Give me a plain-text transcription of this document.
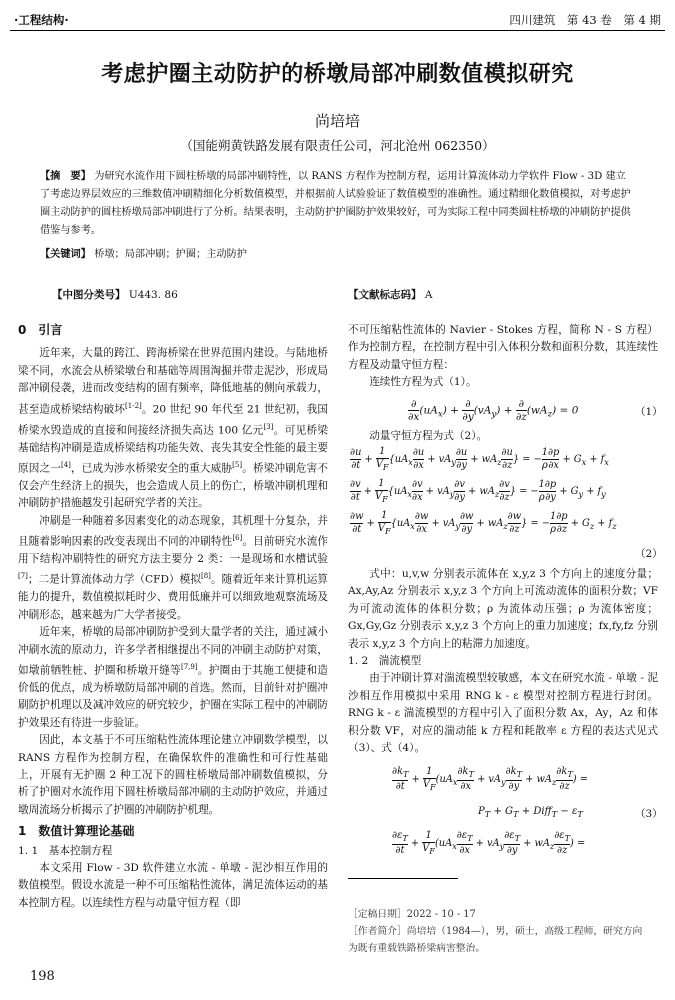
·工程结构·	四川建筑　第 43 卷　第 4 期
考虑护圈主动防护的桥墩局部冲刷数值模拟研究
尚培培
（国能朔黄铁路发展有限责任公司，河北沧州 062350）
【摘　要】 为研究水流作用下圆柱桥墩的局部冲刷特性，以 RANS 方程作为控制方程，运用计算流体动力学软件 Flow - 3D 建立了考虑边界层效应的三维数值冲刷精细化分析数值模型，并根据前人试验验证了数值模型的准确性。通过精细化数值模拟，对考虑护圈主动防护的圆柱桥墩局部冲刷进行了分析。结果表明，主动防护护圈防护效果较好，可为实际工程中同类圆柱桥墩的冲刷防护提供借鉴与参考。
【关键词】 桥墩；局部冲刷；护圈；主动防护
【中图分类号】 U443. 86	【文献标志码】 A
0　引言

近年来，大量的跨江、跨海桥梁在世界范围内建设。与陆地桥梁不同，水流会从桥梁墩台和基础等周围淘掘并带走泥沙，形成局部冲刷侵袭，进而改变结构的固有频率，降低地基的侧向承载力，甚至造成桥梁结构破坏[1-2]。20 世纪 90 年代至 21 世纪初，我国桥梁水毁造成的直接和间接经济损失高达 100 亿元[3]。可见桥梁基础结构冲刷是造成桥梁结构功能失效、丧失其安全性能的最主要原因之一[4]，已成为涉水桥梁安全的重大威胁[5]。桥梁冲刷危害不仅会产生经济上的损失，也会造成人员上的伤亡，桥墩冲刷机理和冲刷防护措施越发引起研究学者的关注。

冲刷是一种随着多因素变化的动态现象，其机理十分复杂，并且随着影响因素的改变表现出不同的冲刷特性[6]。目前研究水流作用下结构冲刷特性的研究方法主要分 2 类：一是现场和水槽试验[7]；二是计算流体动力学（CFD）模拟[8]。随着近年来计算机运算能力的提升，数值模拟耗时少、费用低廉并可以细致地观察流场及冲刷形态，越来越为广大学者接受。

近年来，桥墩的局部冲刷防护受到大量学者的关注，通过减小冲刷水流的原动力，许多学者相继提出不同的冲刷主动防护对策，如墩前牺牲桩、护圈和桥墩开缝等[7,9]。护圈由于其施工便捷和造价低的优点，成为桥墩防局部冲刷的首选。然而，目前针对护圈冲刷防护机理以及减冲效应的研究较少，护圈在实际工程中的冲刷防护效果还有待进一步验证。

因此，本文基于不可压缩粘性流体理论建立冲刷数学模型，以 RANS 方程作为控制方程，在确保软件的准确性和可行性基础上，开展有无护圈 2 种工况下的圆柱桥墩局部冲刷数值模拟，分析了护圈对水流作用下圆柱桥墩局部冲刷的主动防护效应，并通过墩周流场分析揭示了护圈的冲刷防护机理。

1　数值计算理论基础
1. 1　基本控制方程

本文采用 Flow - 3D 软件建立水流 - 单墩 - 泥沙相互作用的数值模型。假设水流是一种不可压缩粘性流体，满足流体运动的基本控制方程。以连续性方程与动量守恒方程（即

不可压缩粘性流体的 Navier - Stokes 方程，简称 N - S 方程）作为控制方程，在控制方程中引入体积分数和面积分数，其连续性方程及动量守恒方程：

连续性方程为式（1）。

$\frac{\partial}{\partial x} (uA_x) + \frac{\partial}{\partial y} (vA_y) + \frac{\partial}{\partial z} (wA_z) = 0$	（1）

动量守恒方程为式（2）。

$\frac{\partial u}{\partial t} + \frac{1}{V_F} \{uA_x \frac{\partial u}{\partial x} + vA_y \frac{\partial u}{\partial y} + wA_z \frac{\partial u}{\partial z}$ } = − $\frac{1}{\rho} \frac{\partial p}{\partial x} + G_x + f_x$
$\frac{\partial v}{\partial t} + \frac{1}{V_F} \{uA_x \frac{\partial v}{\partial x} + vA_y \frac{\partial v}{\partial y} + wA_z \frac{\partial v}{\partial z}$ } = − $\frac{1}{\rho} \frac{\partial p}{\partial y} + G_y + f_y$
$\frac{\partial w}{\partial t} + \frac{1}{V_F} \{uA_x \frac{\partial w}{\partial x} + vA_y \frac{\partial w}{\partial y} + wA_z \frac{\partial w}{\partial z}$ } = − $\frac{1}{\rho} \frac{\partial p}{\partial z} + G_z + f_z$
（2）

式中：u,v,w 分别表示流体在 x,y,z 3 个方向上的速度分量；Ax,Ay,Az 分别表示 x,y,z 3 个方向上可流动流体的面积分数；VF 为可流动流体的体积分数；ρ 为流体动压强；ρ 为流体密度；Gx,Gy,Gz 分别表示 x,y,z 3 个方向上的重力加速度；fx,fy,fz 分别表示 x,y,z 3 个方向上的粘滞力加速度。

1. 2　湍流模型

由于冲刷计算对湍流模型较敏感，本文在研究水流 - 单墩 - 泥沙相互作用模拟中采用 RNG k - ε 模型对控制方程进行封闭。RNG k - ε 湍流模型的方程中引入了面积分数 Ax，Ay，Az 和体积分数 VF，对应的湍动能 k 方程和耗散率 ε 方程的表达式见式（3）、式（4）。

$\frac{\partial k_T}{\partial t} + \frac{1}{V_F} (uA_x \frac{\partial k_T}{\partial x} + vA_y \frac{\partial k_T}{\partial y} + wA_z \frac{\partial k_T}{\partial z}$ ) =
$P_T + G_T$ + Diff$_T$ − $\varepsilon_T$	（3）
$\frac{\partial\varepsilon_T}{\partial t} + \frac{1}{V_F} (uA_x \frac{\partial\varepsilon_T}{\partial x} + vA_y \frac{\partial\varepsilon_T}{\partial y} + wA_z \frac{\partial\varepsilon_T}{\partial z}$ ) =
［定稿日期］2022 - 10 - 17
［作者简介］尚培培（1984—），男，硕士，高级工程师，研究方向为既有重载铁路桥梁病害整治。
198
